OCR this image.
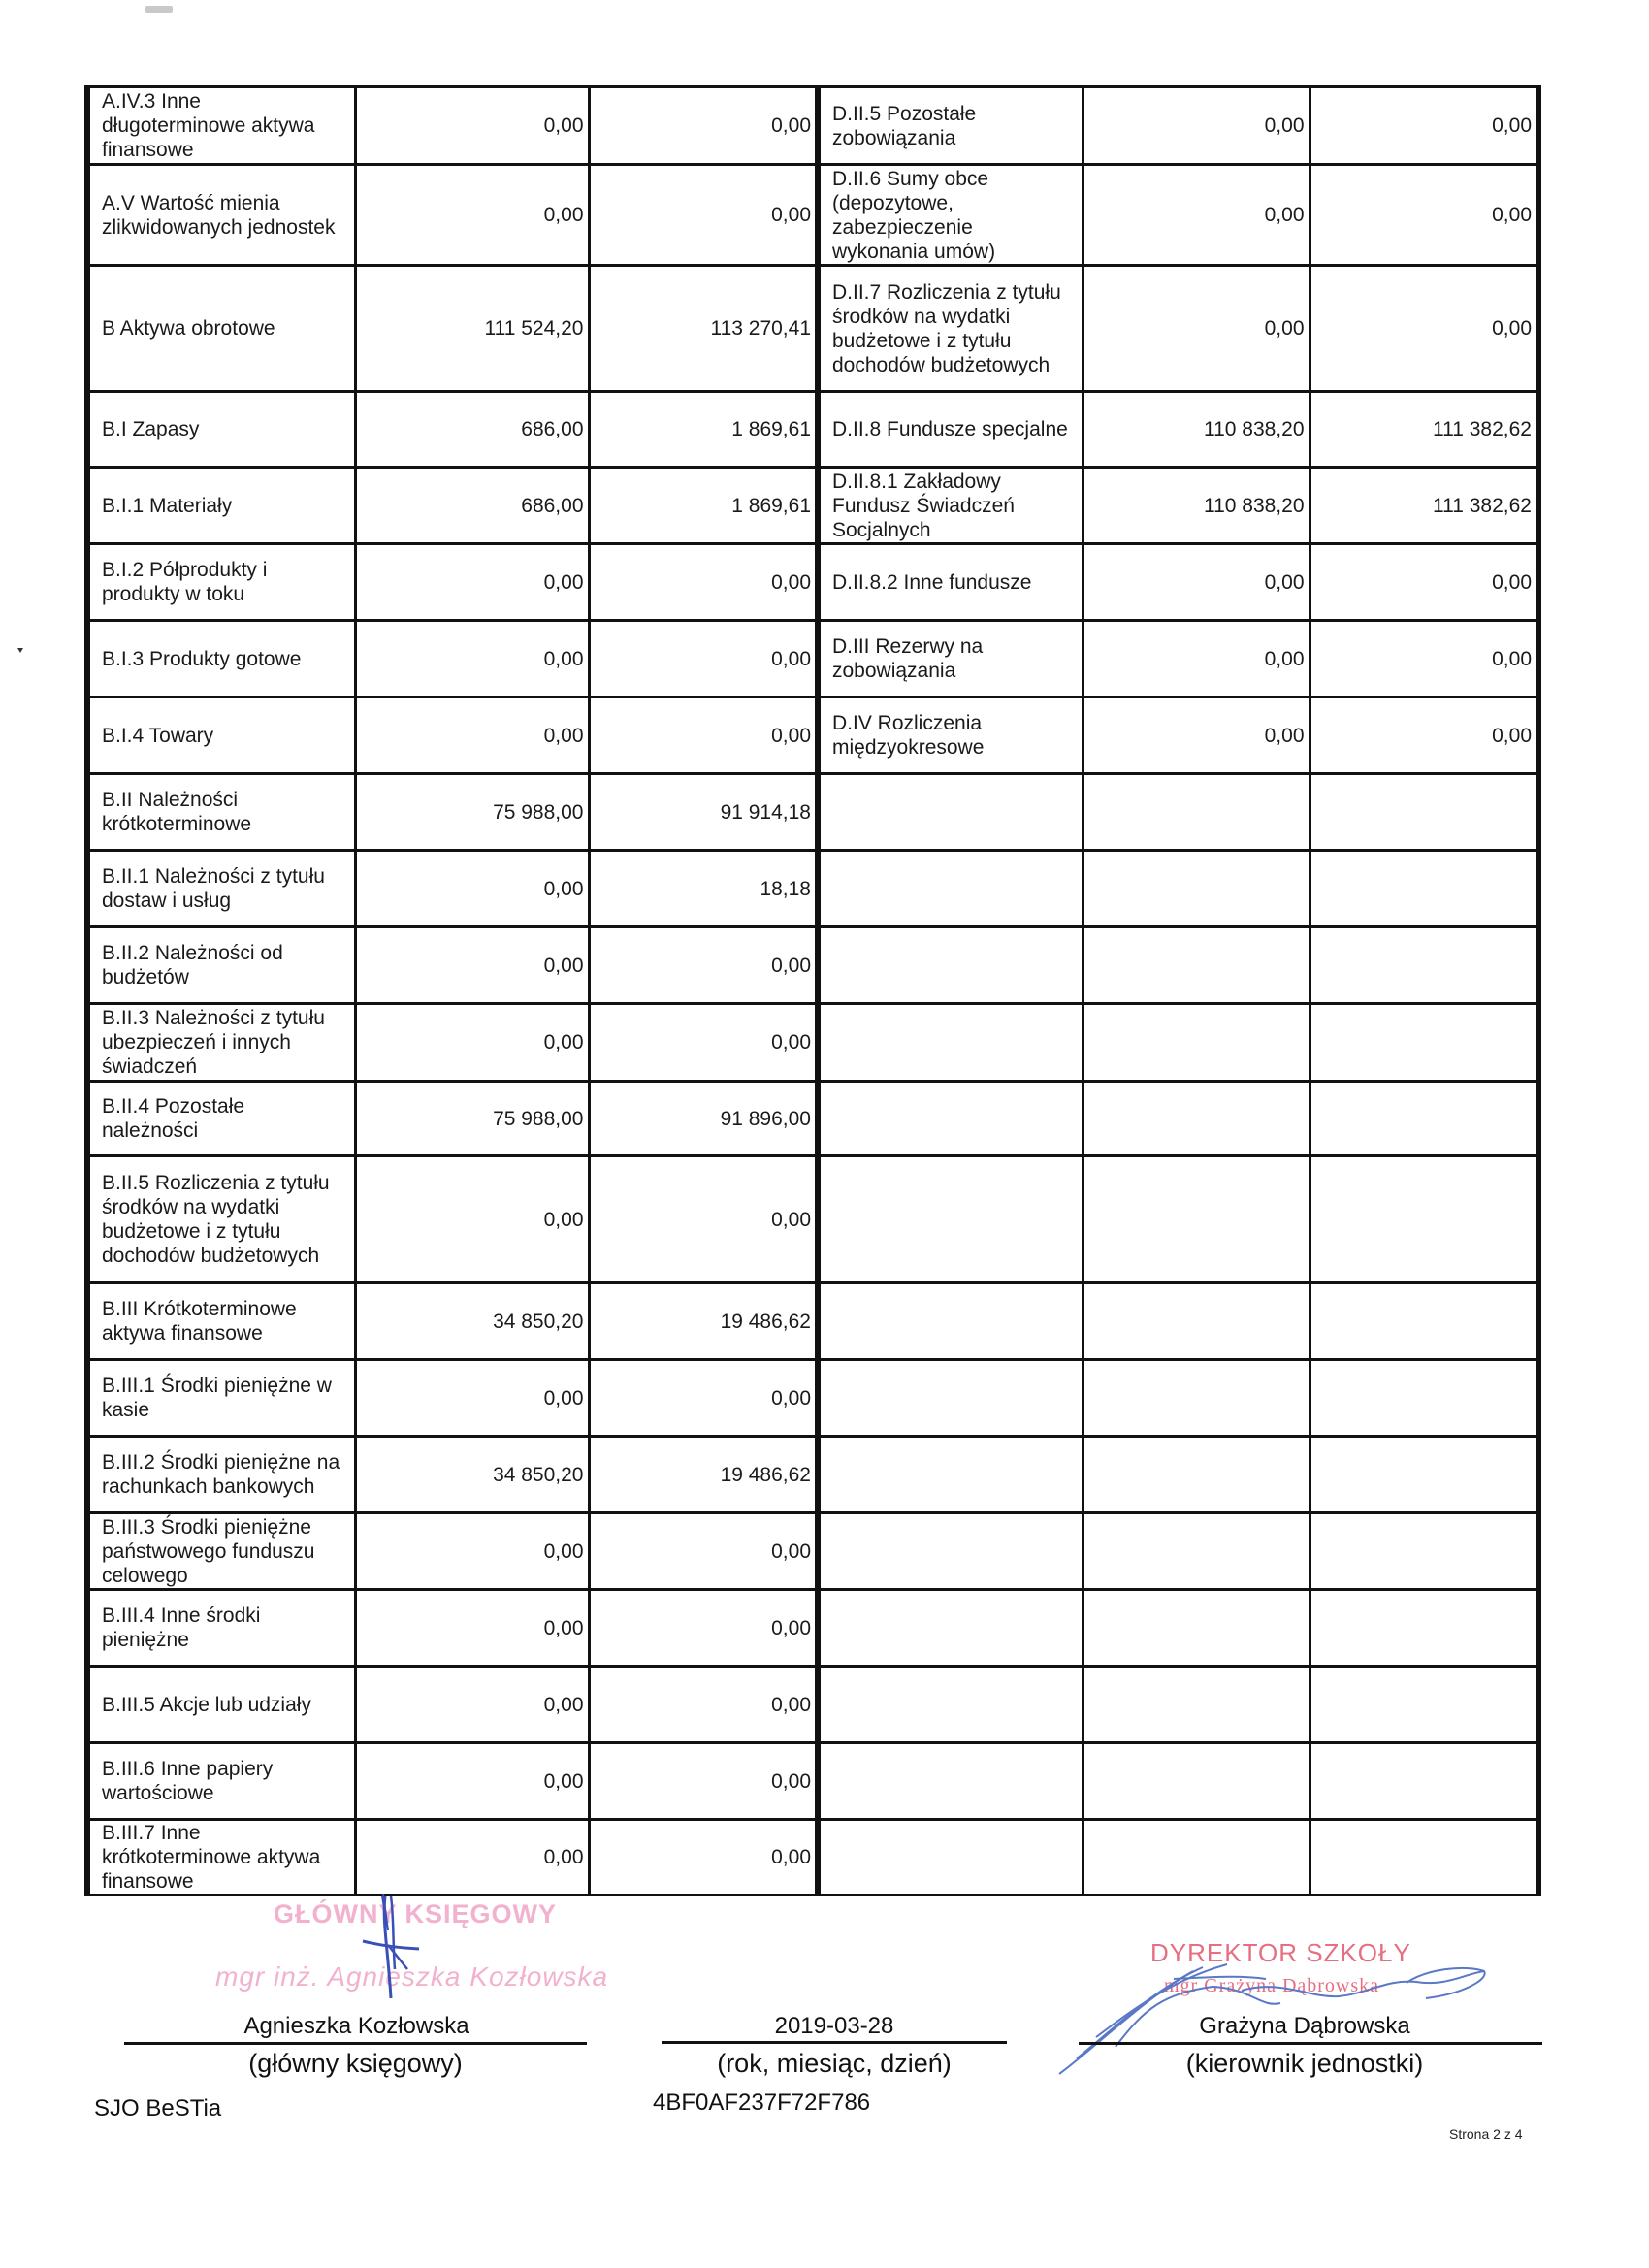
A.IV.3 Inne długoterminowe aktywa finansowe	0,00	0,00	D.II.5 Pozostałe zobowiązania	0,00	0,00
A.V Wartość mienia zlikwidowanych jednostek	0,00	0,00	D.II.6 Sumy obce (depozytowe, zabezpieczenie wykonania umów)	0,00	0,00
B Aktywa obrotowe	111 524,20	113 270,41	D.II.7 Rozliczenia z tytułu środków na wydatki budżetowe i z tytułu dochodów budżetowych	0,00	0,00
B.I Zapasy	686,00	1 869,61	D.II.8 Fundusze specjalne	110 838,20	111 382,62
B.I.1 Materiały	686,00	1 869,61	D.II.8.1 Zakładowy Fundusz Świadczeń Socjalnych	110 838,20	111 382,62
B.I.2 Półprodukty i produkty w toku	0,00	0,00	D.II.8.2 Inne fundusze	0,00	0,00
B.I.3 Produkty gotowe	0,00	0,00	D.III Rezerwy na zobowiązania	0,00	0,00
B.I.4 Towary	0,00	0,00	D.IV Rozliczenia międzyokresowe	0,00	0,00
B.II Należności krótkoterminowe	75 988,00	91 914,18			
B.II.1 Należności z tytułu dostaw i usług	0,00	18,18			
B.II.2 Należności od budżetów	0,00	0,00			
B.II.3 Należności z tytułu ubezpieczeń i innych świadczeń	0,00	0,00			
B.II.4 Pozostałe należności	75 988,00	91 896,00			
B.II.5 Rozliczenia z tytułu środków na wydatki budżetowe i z tytułu dochodów budżetowych	0,00	0,00			
B.III Krótkoterminowe aktywa finansowe	34 850,20	19 486,62			
B.III.1 Środki pieniężne w kasie	0,00	0,00			
B.III.2 Środki pieniężne na rachunkach bankowych	34 850,20	19 486,62			
B.III.3 Środki pieniężne państwowego funduszu celowego	0,00	0,00			
B.III.4 Inne środki pieniężne	0,00	0,00			
B.III.5 Akcje lub udziały	0,00	0,00			
B.III.6 Inne papiery wartościowe	0,00	0,00			
B.III.7 Inne krótkoterminowe aktywa finansowe	0,00	0,00			
GŁÓWNY KSIĘGOWY
mgr inż. Agnieszka Kozłowska
Agnieszka Kozłowska
(główny księgowy)
2019-03-28
(rok, miesiąc, dzień)
DYREKTOR SZKOŁY
mgr Grażyna Dąbrowska
Grażyna Dąbrowska
(kierownik jednostki)
SJO BeSTia	4BF0AF237F72F786
Strona 2 z 4
